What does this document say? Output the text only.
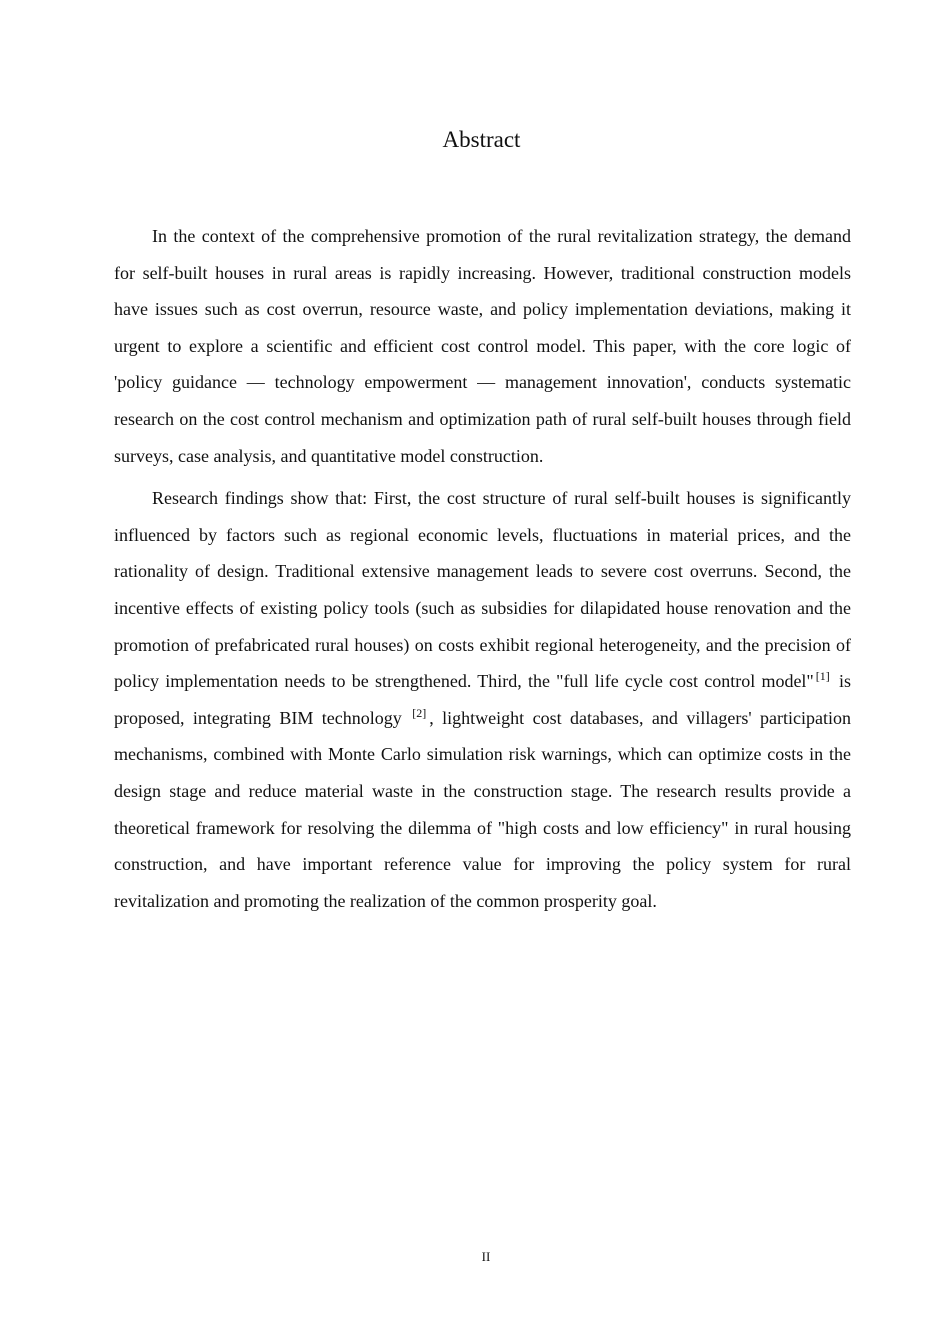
Abstract

In the context of the comprehensive promotion of the rural revitalization strategy, the demand for self-built houses in rural areas is rapidly increasing. However, traditional construction models have issues such as cost overrun, resource waste, and policy implementation deviations, making it urgent to explore a scientific and efficient cost control model. This paper, with the core logic of 'policy guidance — technology empowerment — management innovation', conducts systematic research on the cost control mechanism and optimization path of rural self-built houses through field surveys, case analysis, and quantitative model construction.

Research findings show that: First, the cost structure of rural self-built houses is significantly influenced by factors such as regional economic levels, fluctuations in material prices, and the rationality of design. Traditional extensive management leads to severe cost overruns. Second, the incentive effects of existing policy tools (such as subsidies for dilapidated house renovation and the promotion of prefabricated rural houses) on costs exhibit regional heterogeneity, and the precision of policy implementation needs to be strengthened. Third, the "full life cycle cost control model" [1] is proposed, integrating BIM technology [2] , lightweight cost databases, and villagers' participation mechanisms, combined with Monte Carlo simulation risk warnings, which can optimize costs in the design stage and reduce material waste in the construction stage. The research results provide a theoretical framework for resolving the dilemma of "high costs and low efficiency" in rural housing construction, and have important reference value for improving the policy system for rural revitalization and promoting the realization of the common prosperity goal.

II
